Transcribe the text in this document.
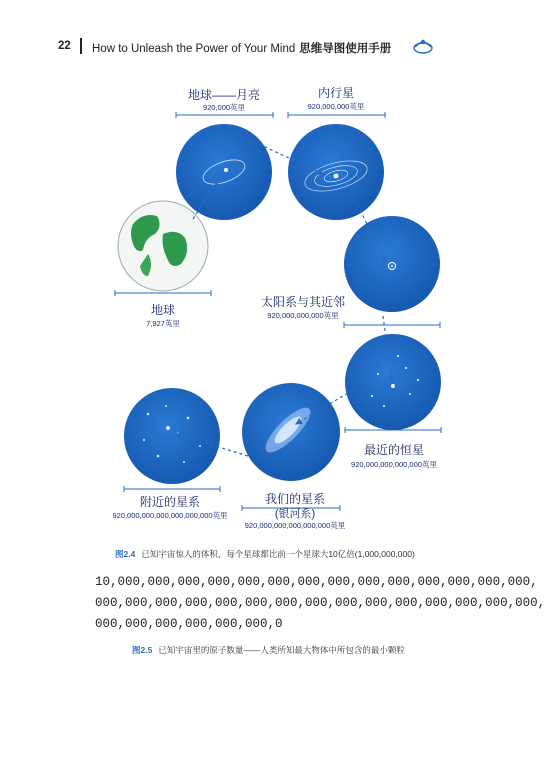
22 How to Unleash the Power of Your Mind 思维导图使用手册
地球——月亮
920,000英里
内行星
920,000,000英里
地球
7,927英里
太阳系与其近邻
920,000,000,000英里
最近的恒星
920,000,000,000,000英里
我们的星系
(银河系)
920,000,000,000,000,000英里
附近的星系
920,000,000,000,000,000,000英里
图2.4 已知宇宙惊人的体积，每个星球都比前一个星球大10亿倍(1,000,000,000)
10,000,000,000,000,000,000,000,000,000,000,000,000,000,000,
000,000,000,000,000,000,000,000,000,000,000,000,000,000,000,
000,000,000,000,000,000,0
图2.5 已知宇宙里的原子数量——人类所知最大物体中所包含的最小颗粒
